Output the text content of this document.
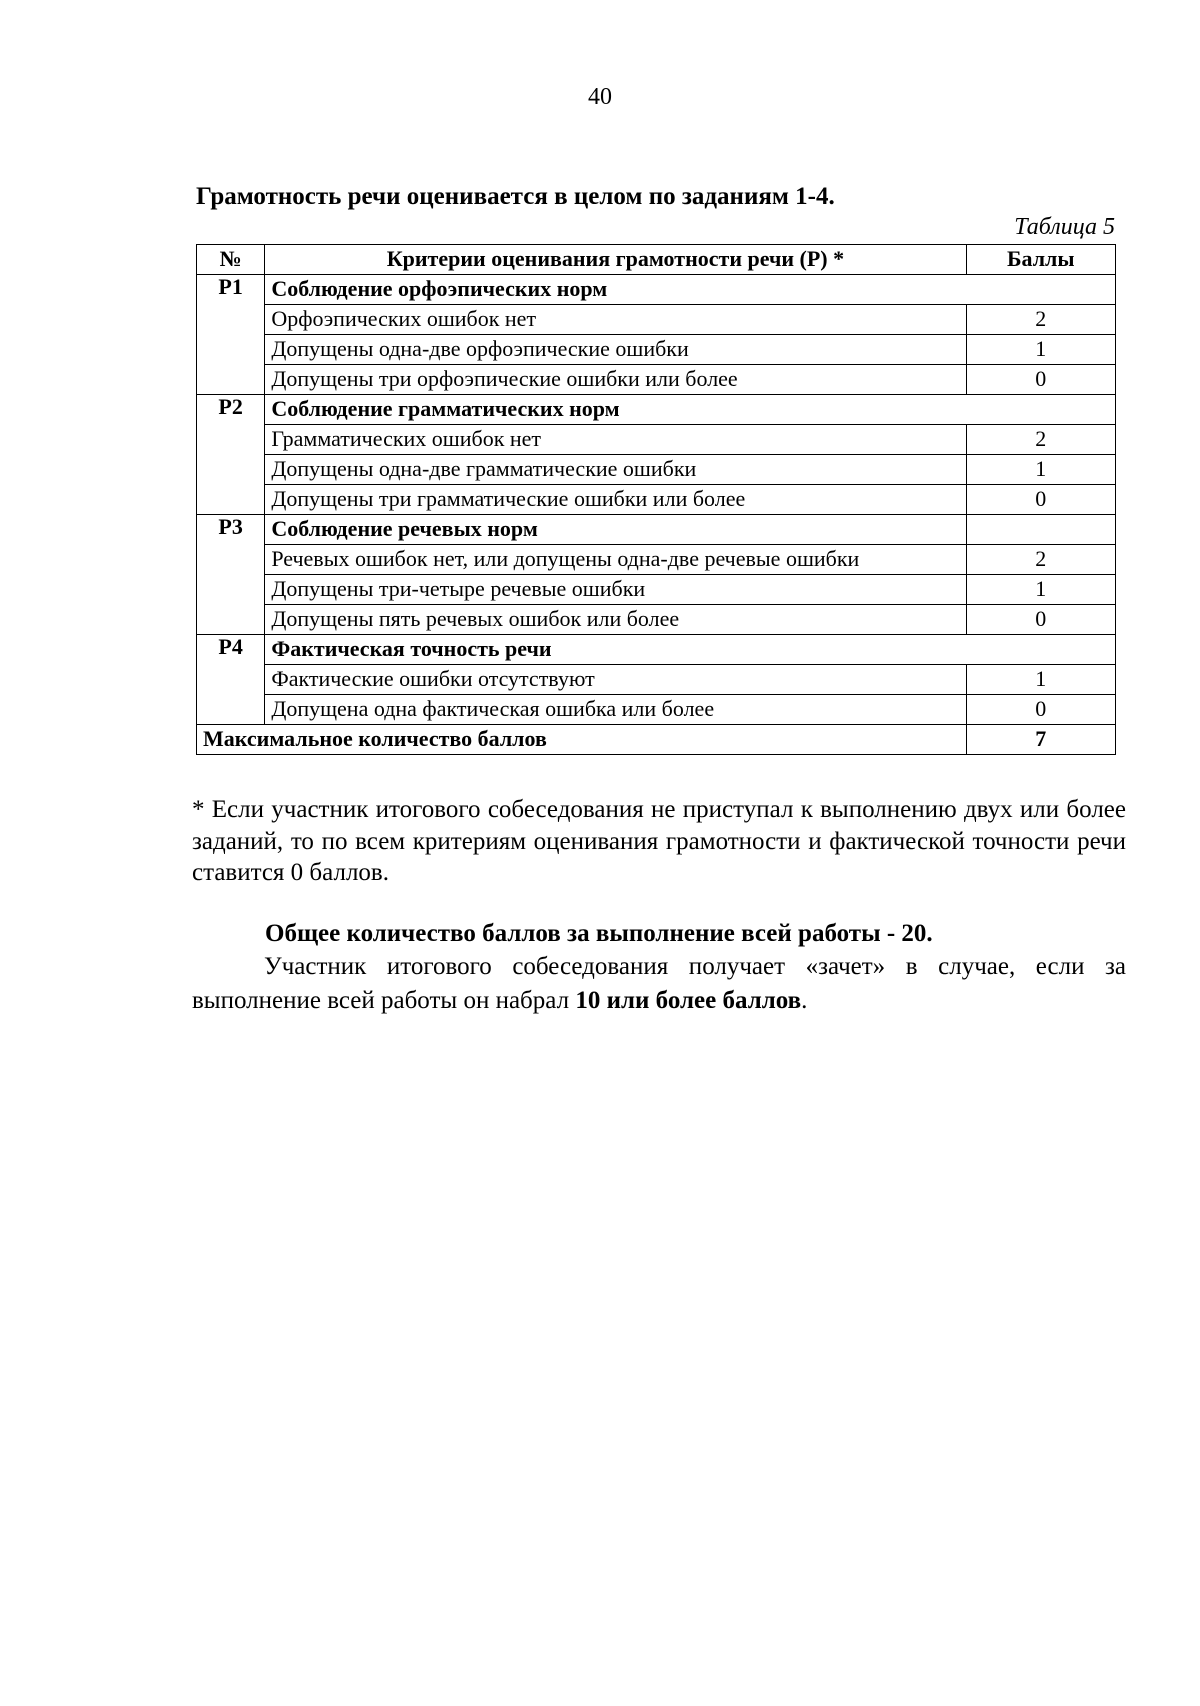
40
Грамотность речи оценивается в целом по заданиям 1-4.
Таблица 5
№	Критерии оценивания грамотности речи (Р) *	Баллы
Р1	Соблюдение орфоэпических норм	
	Орфоэпических ошибок нет	2
	Допущены одна-две орфоэпические ошибки	1
	Допущены три орфоэпические ошибки или более	0
Р2	Соблюдение грамматических норм	
	Грамматических ошибок нет	2
	Допущены одна-две грамматические ошибки	1
	Допущены три грамматические ошибки или более	0
Р3	Соблюдение речевых норм	
	Речевых ошибок нет, или допущены одна-две речевые ошибки	2
	Допущены три-четыре речевые ошибки	1
	Допущены пять речевых ошибок или более	0
Р4	Фактическая точность речи	
	Фактические ошибки отсутствуют	1
	Допущена одна фактическая ошибка или более	0
Максимальное количество баллов		7
* Если участник итогового собеседования не приступал к выполнению двух или более заданий, то по всем критериям оценивания грамотности и фактической точности речи ставится 0 баллов.
Общее количество баллов за выполнение всей работы - 20.
Участник итогового собеседования получает «зачет» в случае, если за выполнение всей работы он набрал 10 или более баллов.
